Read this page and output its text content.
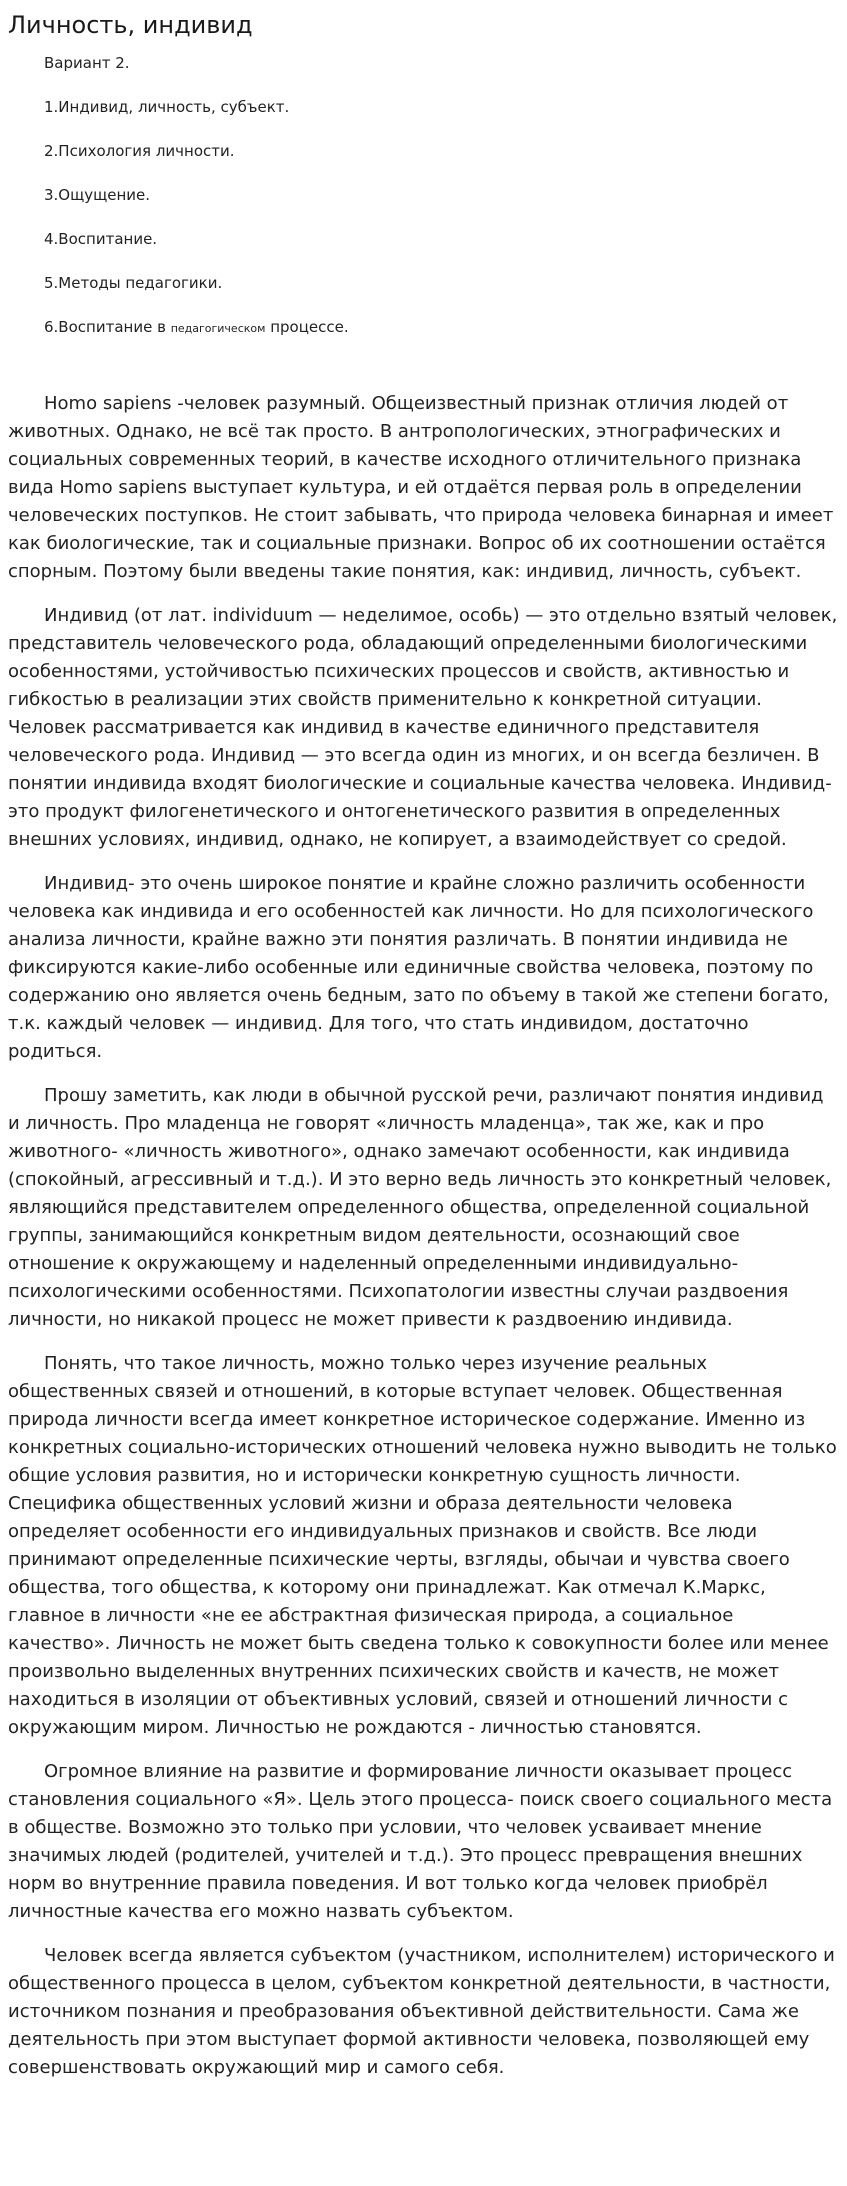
Личность, индивид
Вариант 2.
1.Индивид, личность, субъект.
2.Психология личности.
3.Ощущение.
4.Воспитание.
5.Методы педагогики.
6.Воспитание в педагогическом процессе.

Homo sapiens -человек разумный. Общеизвестный признак отличия людей от животных. Однако, не всё так просто. В антропологических, этнографических и социальных современных теорий, в качестве исходного отличительного признака вида Homo sapiens выступает культура, и ей отдаётся первая роль в определении человеческих поступков. Не стоит забывать, что природа человека бинарная и имеет как биологические, так и социальные признаки. Вопрос об их соотношении остаётся спорным. Поэтому были введены такие понятия, как: индивид, личность, субъект.

Индивид (от лат. individuum — неделимое, особь) — это отдельно взятый человек, представитель человеческого рода, обладающий определенными биологическими особенностями, устойчивостью психических процессов и свойств, активностью и гибкостью в реализации этих свойств применительно к конкретной ситуации. Человек рассматривается как индивид в качестве единичного представителя человеческого рода. Индивид — это всегда один из многих, и он всегда безличен. В понятии индивида входят биологические и социальные качества человека. Индивид- это продукт филогенетического и онтогенетического развития в определенных внешних условиях, индивид, однако, не копирует, а взаимодействует со средой.

Индивид- это очень широкое понятие и крайне сложно различить особенности человека как индивида и его особенностей как личности. Но для психологического анализа личности, крайне важно эти понятия различать. В понятии индивида не фиксируются какие-либо особенные или единичные свойства человека, поэтому по содержанию оно является очень бедным, зато по объему в такой же степени богато, т.к. каждый человек — индивид. Для того, что стать индивидом, достаточно родиться.

Прошу заметить, как люди в обычной русской речи, различают понятия индивид и личность. Про младенца не говорят «личность младенца», так же, как и про животного- «личность животного», однако замечают особенности, как индивида (спокойный, агрессивный и т.д.). И это верно ведь личность это конкретный человек, являющийся представителем определенного общества, определенной социальной группы, занимающийся конкретным видом деятельности, осознающий свое отношение к окружающему и наделенный определенными индивидуально-психологическими особенностями. Психопатологии известны случаи раздвоения личности, но никакой процесс не может привести к раздвоению индивида.

Понять, что такое личность, можно только через изучение реальных общественных связей и отношений, в которые вступает человек. Общественная природа личности всегда имеет конкретное историческое содержание. Именно из конкретных социально-исторических отношений человека нужно выводить не только общие условия развития, но и исторически конкретную сущность личности. Специфика общественных условий жизни и образа деятельности человека определяет особенности его индивидуальных признаков и свойств. Все люди принимают определенные психические черты, взгляды, обычаи и чувства своего общества, того общества, к которому они принадлежат. Как отмечал К.Маркс, главное в личности «не ее абстрактная физическая природа, а социальное качество». Личность не может быть сведена только к совокупности более или менее произвольно выделенных внутренних психических свойств и качеств, не может находиться в изоляции от объективных условий, связей и отношений личности с окружающим миром. Личностью не рождаются - личностью становятся.

Огромное влияние на развитие и формирование личности оказывает процесс становления социального «Я». Цель этого процесса- поиск своего социального места в обществе. Возможно это только при условии, что человек усваивает мнение значимых людей (родителей, учителей и т.д.). Это процесс превращения внешних норм во внутренние правила поведения. И вот только когда человек приобрёл личностные качества его можно назвать субъектом.

Человек всегда является субъектом (участником, исполнителем) исторического и общественного процесса в целом, субъектом конкретной деятельности, в частности, источником познания и преобразования объективной действительности. Сама же деятельность при этом выступает формой активности человека, позволяющей ему совершенствовать окружающий мир и самого себя.
